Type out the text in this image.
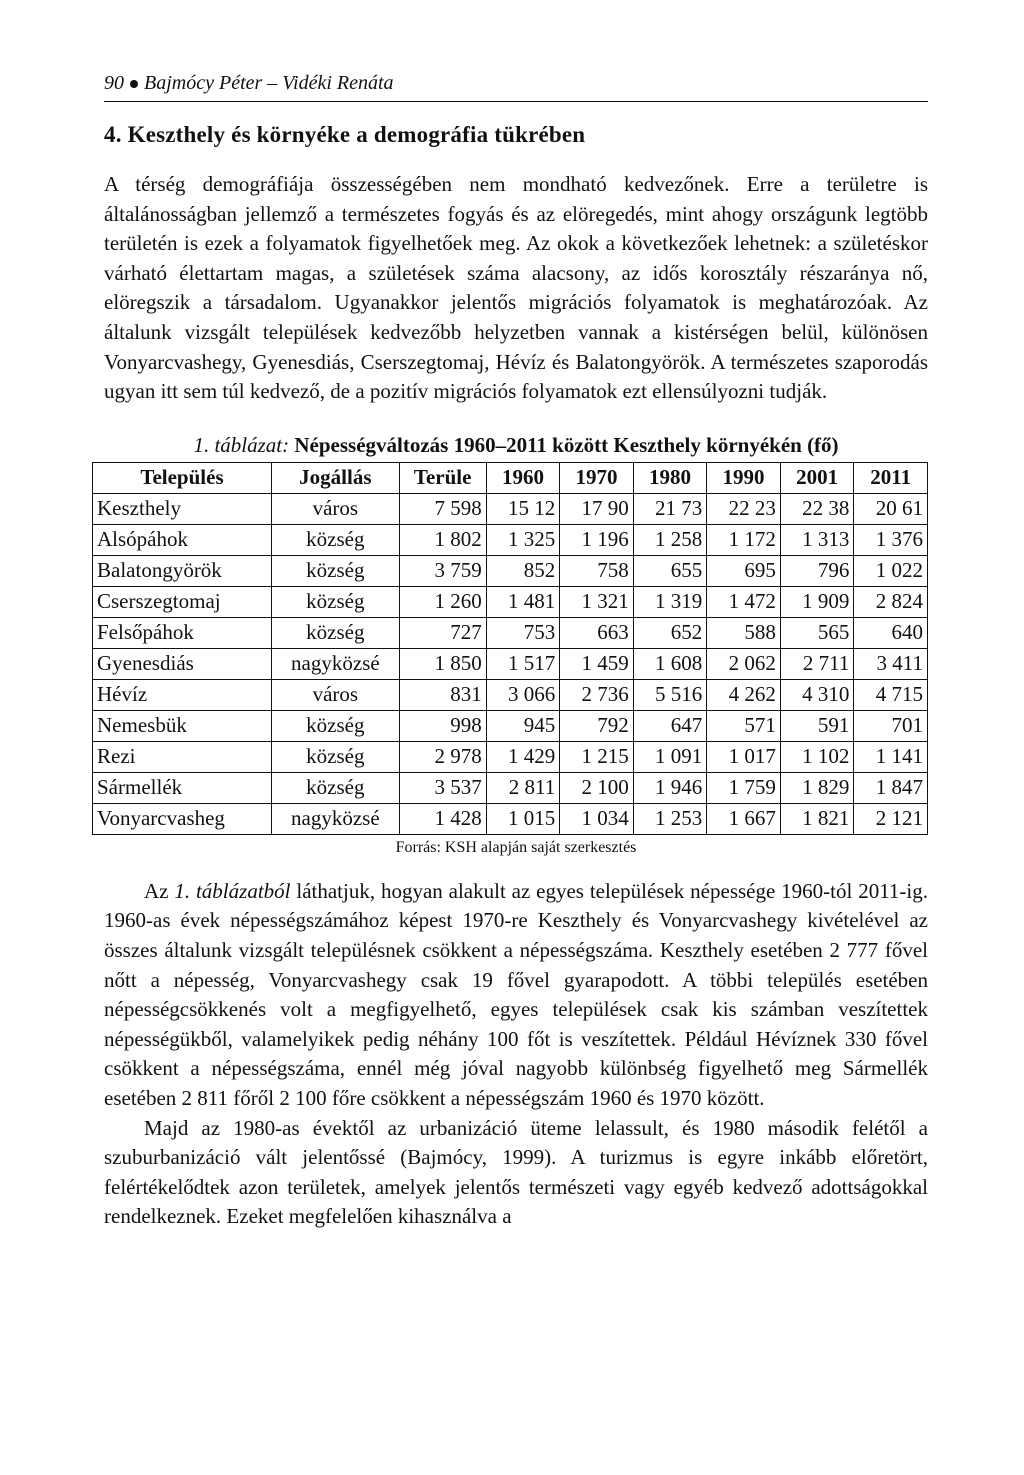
90 Bajmócy Péter – Vidéki Renáta
4. Keszthely és környéke a demográfia tükrében

A térség demográfiája összességében nem mondható kedvezőnek. Erre a területre is általánosságban jellemző a természetes fogyás és az elöregedés, mint ahogy országunk legtöbb területén is ezek a folyamatok figyelhetőek meg. Az okok a következőek lehetnek: a születéskor várható élettartam magas, a születések száma alacsony, az idős korosztály részaránya nő, elöregszik a társadalom. Ugyanakkor jelentős migrációs folyamatok is meghatározóak. Az általunk vizsgált települések kedvezőbb helyzetben vannak a kistérségen belül, különösen Vonyarcvashegy, Gyenesdiás, Cserszegtomaj, Hévíz és Balatongyörök. A természetes szaporodás ugyan itt sem túl kedvező, de a pozitív migrációs folyamatok ezt ellensúlyozni tudják.

1. táblázat: Népességváltozás 1960–2011 között Keszthely környékén (fő)
Település	Jogállás	Terüle	1960	1970	1980	1990	2001	2011
Keszthely	város	7 598	15 12	17 90	21 73	22 23	22 38	20 61
Alsópáhok	község	1 802	1 325	1 196	1 258	1 172	1 313	1 376
Balatongyörök	község	3 759	852	758	655	695	796	1 022
Cserszegtomaj	község	1 260	1 481	1 321	1 319	1 472	1 909	2 824
Felsőpáhok	község	727	753	663	652	588	565	640
Gyenesdiás	nagyközsé	1 850	1 517	1 459	1 608	2 062	2 711	3 411
Hévíz	város	831	3 066	2 736	5 516	4 262	4 310	4 715
Nemesbük	község	998	945	792	647	571	591	701
Rezi	község	2 978	1 429	1 215	1 091	1 017	1 102	1 141
Sármellék	község	3 537	2 811	2 100	1 946	1 759	1 829	1 847
Vonyarcvasheg	nagyközsé	1 428	1 015	1 034	1 253	1 667	1 821	2 121
Forrás: KSH alapján saját szerkesztés

Az 1. táblázatból láthatjuk, hogyan alakult az egyes települések népessége 1960-tól 2011-ig. 1960-as évek népességszámához képest 1970-re Keszthely és Vonyarcvashegy kivételével az összes általunk vizsgált településnek csökkent a népességszáma. Keszthely esetében 2 777 fővel nőtt a népesség, Vonyarcvashegy csak 19 fővel gyarapodott. A többi település esetében népességcsökkenés volt a megfigyelhető, egyes települések csak kis számban veszítettek népességükből, valamelyikek pedig néhány 100 főt is veszítettek. Például Hévíznek 330 fővel csökkent a népességszáma, ennél még jóval nagyobb különbség figyelhető meg Sármellék esetében 2 811 főről 2 100 főre csökkent a népességszám 1960 és 1970 között.

Majd az 1980-as évektől az urbanizáció üteme lelassult, és 1980 második felétől a szuburbanizáció vált jelentőssé (Bajmócy, 1999). A turizmus is egyre inkább előretört, felértékelődtek azon területek, amelyek jelentős természeti vagy egyéb kedvező adottságokkal rendelkeznek. Ezeket megfelelően kihasználva a
